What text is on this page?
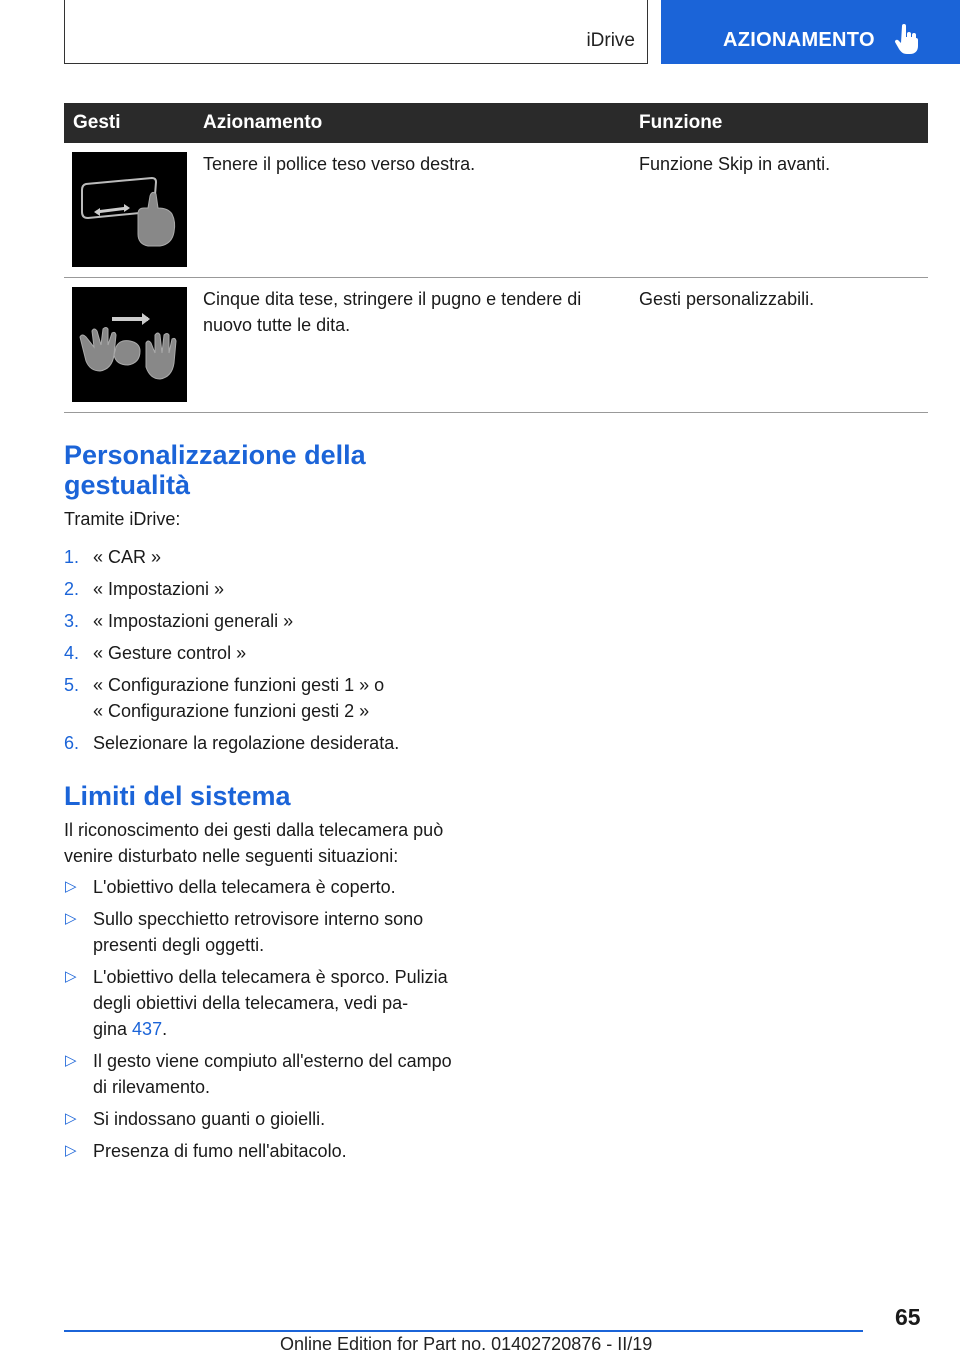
iDrive	AZIONAMENTO
Gesti	Azionamento	Funzione

	Tenere il pollice teso verso destra.	Funzione Skip in avanti.

	Cinque dita tese, stringere il pugno e tendere di nuovo tutte le dita.	Gesti personalizzabili.
Personalizzazione della
gestualità

Tramite iDrive:

1. « CAR »
2. « Impostazioni »
3. « Impostazioni generali »
4. « Gesture control »
5. « Configurazione funzioni gesti 1 » o
« Configurazione funzioni gesti 2 »
6. Selezionare la regolazione desiderata.
Limiti del sistema

Il riconoscimento dei gesti dalla telecamera può
venire disturbato nelle seguenti situazioni:

▷ L'obiettivo della telecamera è coperto.
▷ Sullo specchietto retrovisore interno sono
presenti degli oggetti.
▷ L'obiettivo della telecamera è sporco. Pulizia
degli obiettivi della telecamera, vedi pa-
gina 437.
▷ Il gesto viene compiuto all'esterno del campo
di rilevamento.
▷ Si indossano guanti o gioielli.
▷ Presenza di fumo nell'abitacolo.
65
Online Edition for Part no. 01402720876 - II/19
